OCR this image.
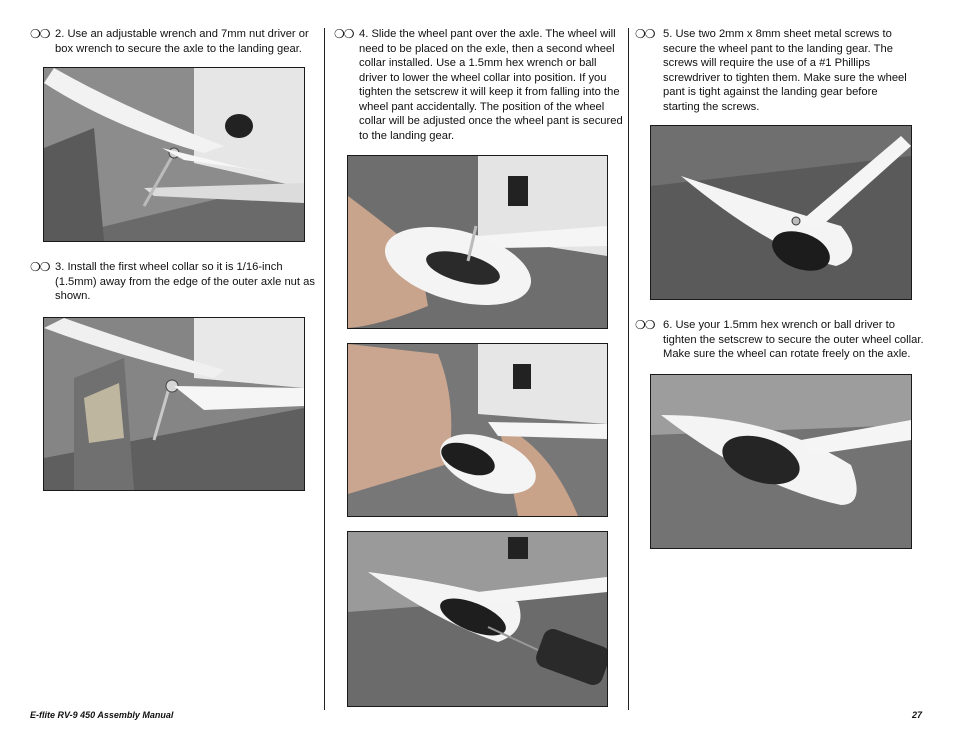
❍❍ 2. Use an adjustable wrench and 7mm nut driver or box wrench to secure the axle to the landing gear.
❍❍ 3. Install the first wheel collar so it is 1/16-inch (1.5mm) away from the edge of the outer axle nut as shown.
❍❍ 4. Slide the wheel pant over the axle. The wheel will need to be placed on the exle, then a second wheel collar installed. Use a 1.5mm hex wrench or ball driver to lower the wheel collar into position. If you tighten the setscrew it will keep it from falling into the wheel pant accidentally. The position of the wheel collar will be adjusted once the wheel pant is secured to the landing gear.
❍❍ 5. Use two 2mm x 8mm sheet metal screws to secure the wheel pant to the landing gear. The screws will require the use of a #1 Phillips screwdriver to tighten them. Make sure the wheel pant is tight against the landing gear before starting the screws.
❍❍ 6. Use your 1.5mm hex wrench or ball driver to tighten the setscrew to secure the outer wheel collar. Make sure the wheel can rotate freely on the axle.
E-flite RV-9 450 Assembly Manual	27
